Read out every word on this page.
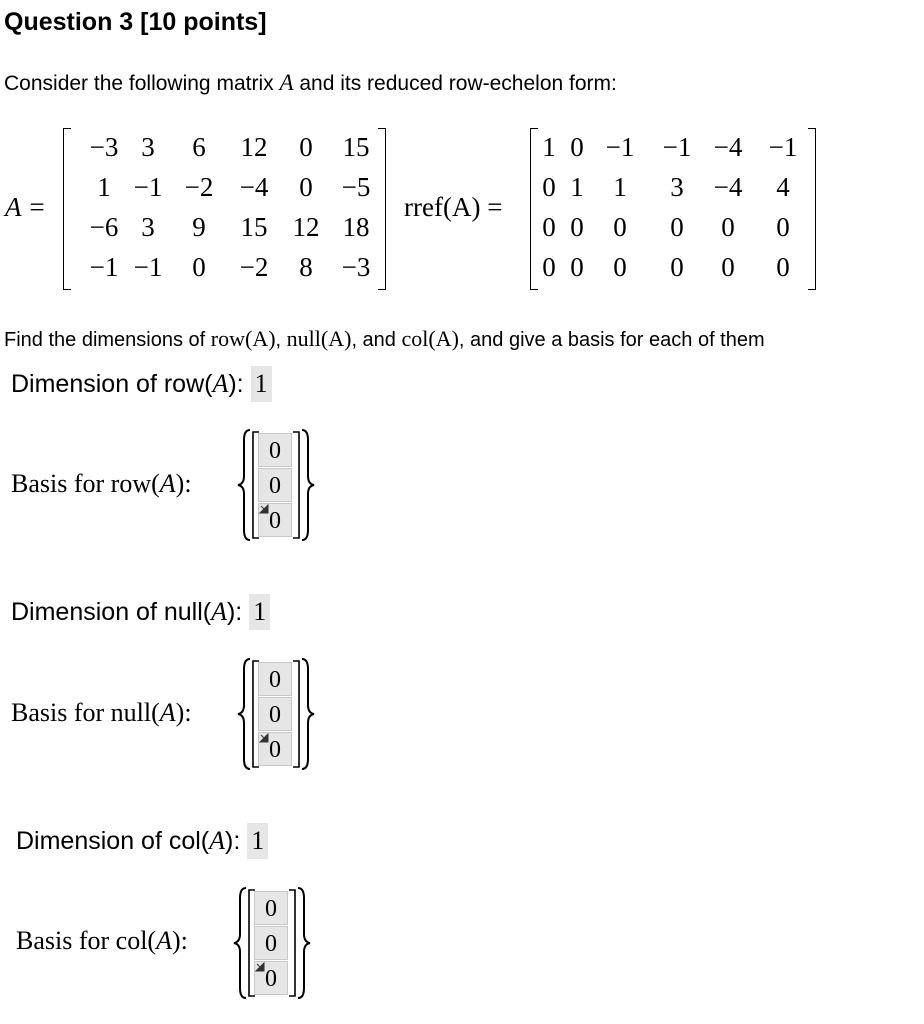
Question 3 [10 points]
Consider the following matrix A and its reduced row-echelon form:
A =
−3 3	6	12	0	15
1 −1 −2 −4	0	−5
−6 3	9	15 12 18
−1 −1	0	−2	8	−3
rref(A) =
1 0 −1 −1 −4 −1
0 1	1	3	−4	4
0 0	0	0	0	0
0 0	0	0	0	0
Find the dimensions of row(A), null(A), and col(A), and give a basis for each of them
Dimension of row(A): 1
Basis for row(A):
0
0
0
Dimension of null(A): 1
Basis for null(A):
0
0
0
Dimension of col(A): 1
Basis for col(A):
0
0
0
